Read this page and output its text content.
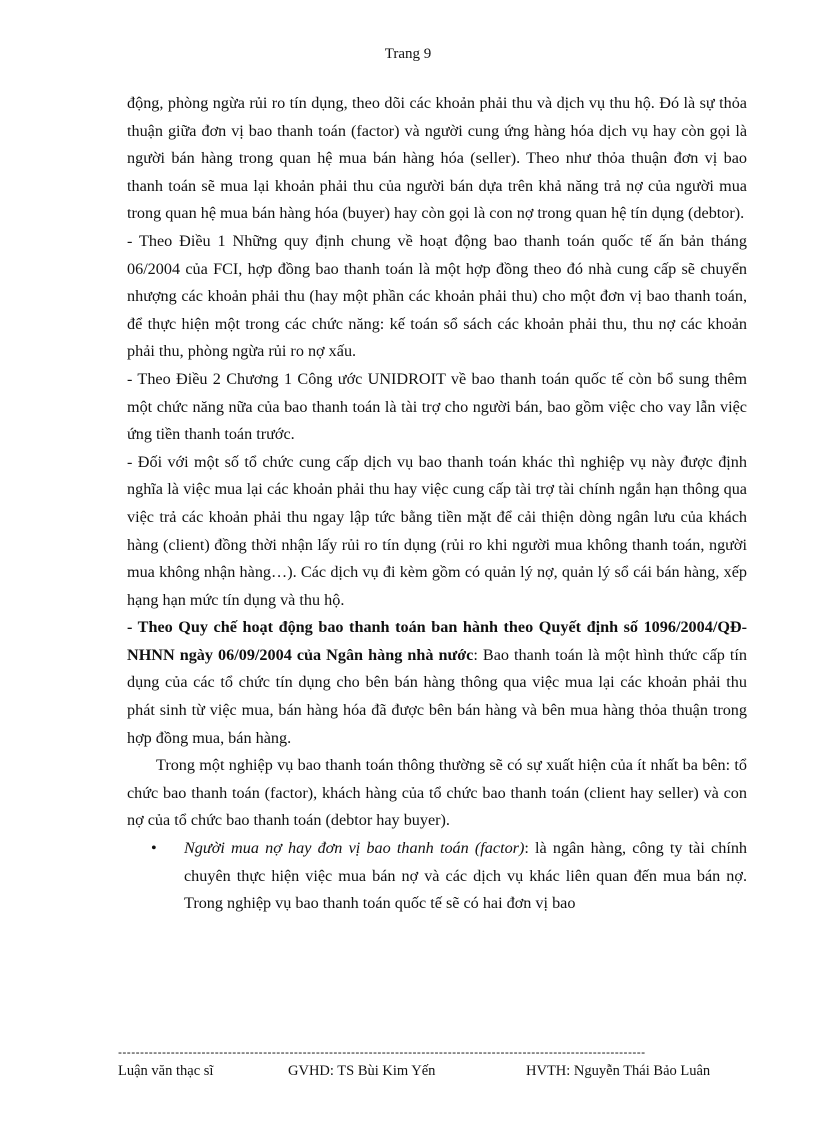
Trang 9

động, phòng ngừa rủi ro tín dụng, theo dõi các khoản phải thu và dịch vụ thu hộ. Đó là sự thỏa thuận giữa đơn vị bao thanh toán (factor) và người cung ứng hàng hóa dịch vụ hay còn gọi là người bán hàng trong quan hệ mua bán hàng hóa (seller). Theo như thỏa thuận đơn vị bao thanh toán sẽ mua lại khoản phải thu của người bán dựa trên khả năng trả nợ của người mua trong quan hệ mua bán hàng hóa (buyer) hay còn gọi là con nợ trong quan hệ tín dụng (debtor).

- Theo Điều 1 Những quy định chung về hoạt động bao thanh toán quốc tế ấn bản tháng 06/2004 của FCI, hợp đồng bao thanh toán là một hợp đồng theo đó nhà cung cấp sẽ chuyển nhượng các khoản phải thu (hay một phần các khoản phải thu) cho một đơn vị bao thanh toán, để thực hiện một trong các chức năng: kế toán sổ sách các khoản phải thu, thu nợ các khoản phải thu, phòng ngừa rủi ro nợ xấu.

- Theo Điều 2 Chương 1 Công ước UNIDROIT về bao thanh toán quốc tế còn bổ sung thêm một chức năng nữa của bao thanh toán là tài trợ cho người bán, bao gồm việc cho vay lẫn việc ứng tiền thanh toán trước.

- Đối với một số tổ chức cung cấp dịch vụ bao thanh toán khác thì nghiệp vụ này được định nghĩa là việc mua lại các khoản phải thu hay việc cung cấp tài trợ tài chính ngắn hạn thông qua việc trả các khoản phải thu ngay lập tức bằng tiền mặt để cải thiện dòng ngân lưu của khách hàng (client) đồng thời nhận lấy rủi ro tín dụng (rủi ro khi người mua không thanh toán, người mua không nhận hàng…). Các dịch vụ đi kèm gồm có quản lý nợ, quản lý sổ cái bán hàng, xếp hạng hạn mức tín dụng và thu hộ.

- Theo Quy chế hoạt động bao thanh toán ban hành theo Quyết định số 1096/2004/QĐ-NHNN ngày 06/09/2004 của Ngân hàng nhà nước: Bao thanh toán là một hình thức cấp tín dụng của các tổ chức tín dụng cho bên bán hàng thông qua việc mua lại các khoản phải thu phát sinh từ việc mua, bán hàng hóa đã được bên bán hàng và bên mua hàng thỏa thuận trong hợp đồng mua, bán hàng.

Trong một nghiệp vụ bao thanh toán thông thường sẽ có sự xuất hiện của ít nhất ba bên: tổ chức bao thanh toán (factor), khách hàng của tổ chức bao thanh toán (client hay seller) và con nợ của tổ chức bao thanh toán (debtor hay buyer).

• Người mua nợ hay đơn vị bao thanh toán (factor): là ngân hàng, công ty tài chính chuyên thực hiện việc mua bán nợ và các dịch vụ khác liên quan đến mua bán nợ. Trong nghiệp vụ bao thanh toán quốc tế sẽ có hai đơn vị bao

------------------------------------------------------------------------------------------------------------------------
Luận văn thạc sĩ	GVHD: TS Bùi Kim Yến	HVTH: Nguyễn Thái Bảo Luân
